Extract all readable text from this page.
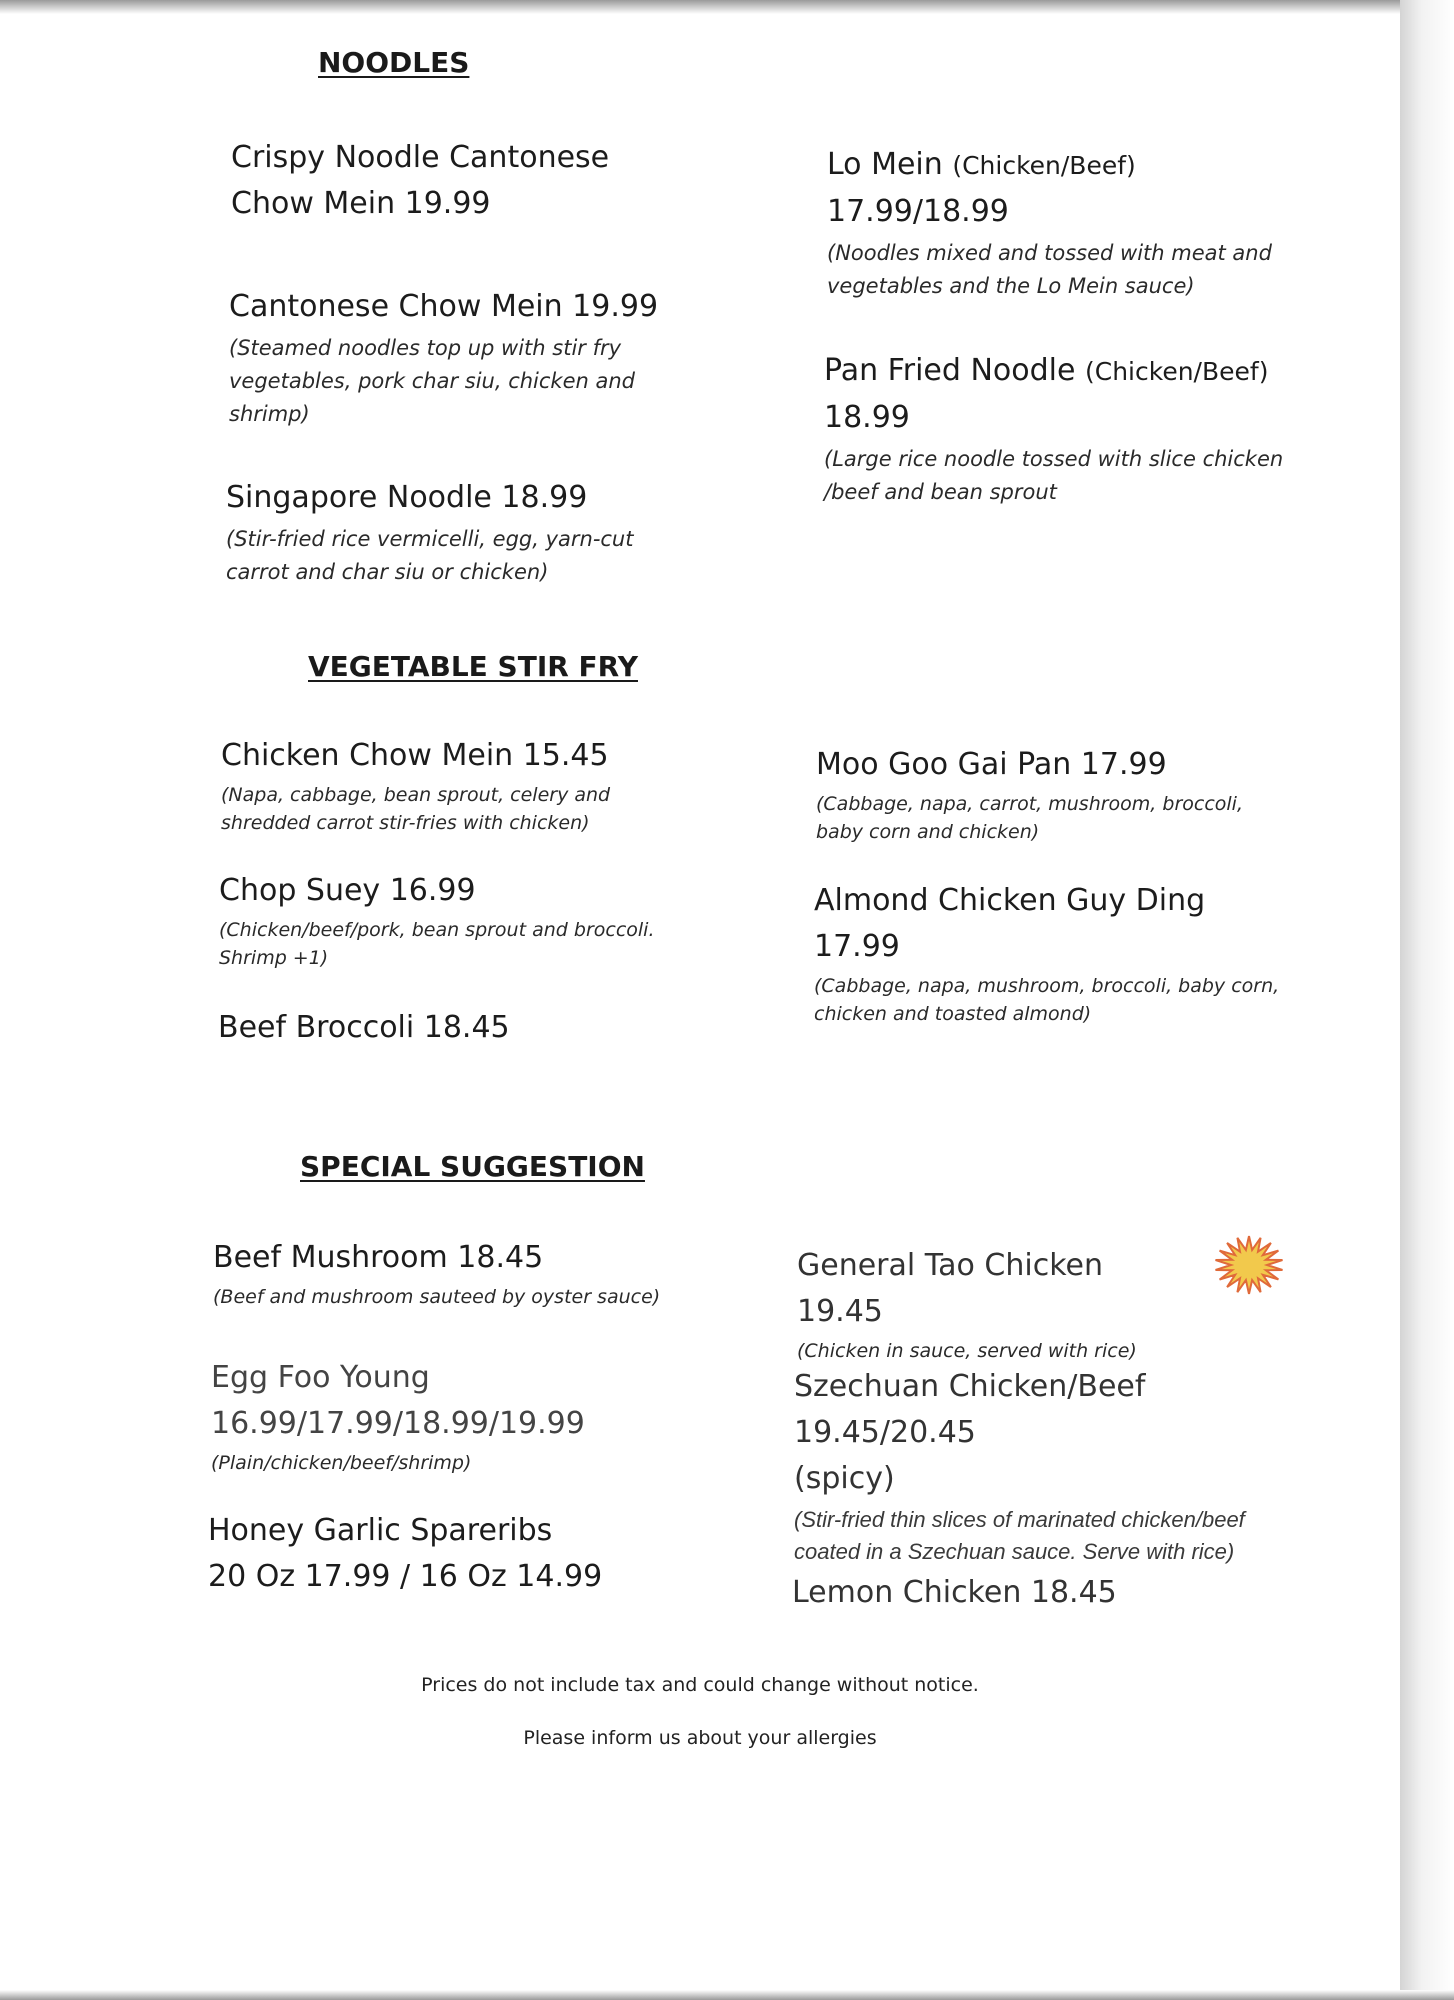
NOODLES
Crispy Noodle Cantonese Chow Mein 19.99
Cantonese Chow Mein 19.99
(Steamed noodles top up with stir fry vegetables, pork char siu, chicken and shrimp)
Singapore Noodle 18.99
(Stir-fried rice vermicelli, egg, yarn-cut carrot and char siu or chicken)
Lo Mein (Chicken/Beef)
17.99/18.99
(Noodles mixed and tossed with meat and vegetables and the Lo Mein sauce)
Pan Fried Noodle (Chicken/Beef)
18.99
(Large rice noodle tossed with slice chicken /beef and bean sprout
VEGETABLE STIR FRY
Chicken Chow Mein 15.45
(Napa, cabbage, bean sprout, celery and shredded carrot stir-fries with chicken)
Chop Suey 16.99
(Chicken/beef/pork, bean sprout and broccoli. Shrimp +1)
Beef Broccoli 18.45
Moo Goo Gai Pan 17.99
(Cabbage, napa, carrot, mushroom, broccoli, baby corn and chicken)
Almond Chicken Guy Ding 17.99
(Cabbage, napa, mushroom, broccoli, baby corn, chicken and toasted almond)
SPECIAL SUGGESTION
Beef Mushroom 18.45
(Beef and mushroom sauteed by oyster sauce)
Egg Foo Young
16.99/17.99/18.99/19.99
(Plain/chicken/beef/shrimp)
Honey Garlic Spareribs
20 Oz 17.99 / 16 Oz 14.99
General Tao Chicken 19.45
(Chicken in sauce, served with rice)
Szechuan Chicken/Beef 19.45/20.45
(spicy)
(Stir-fried thin slices of marinated chicken/beef coated in a Szechuan sauce. Serve with rice)
Lemon Chicken 18.45
Prices do not include tax and could change without notice.
Please inform us about your allergies
